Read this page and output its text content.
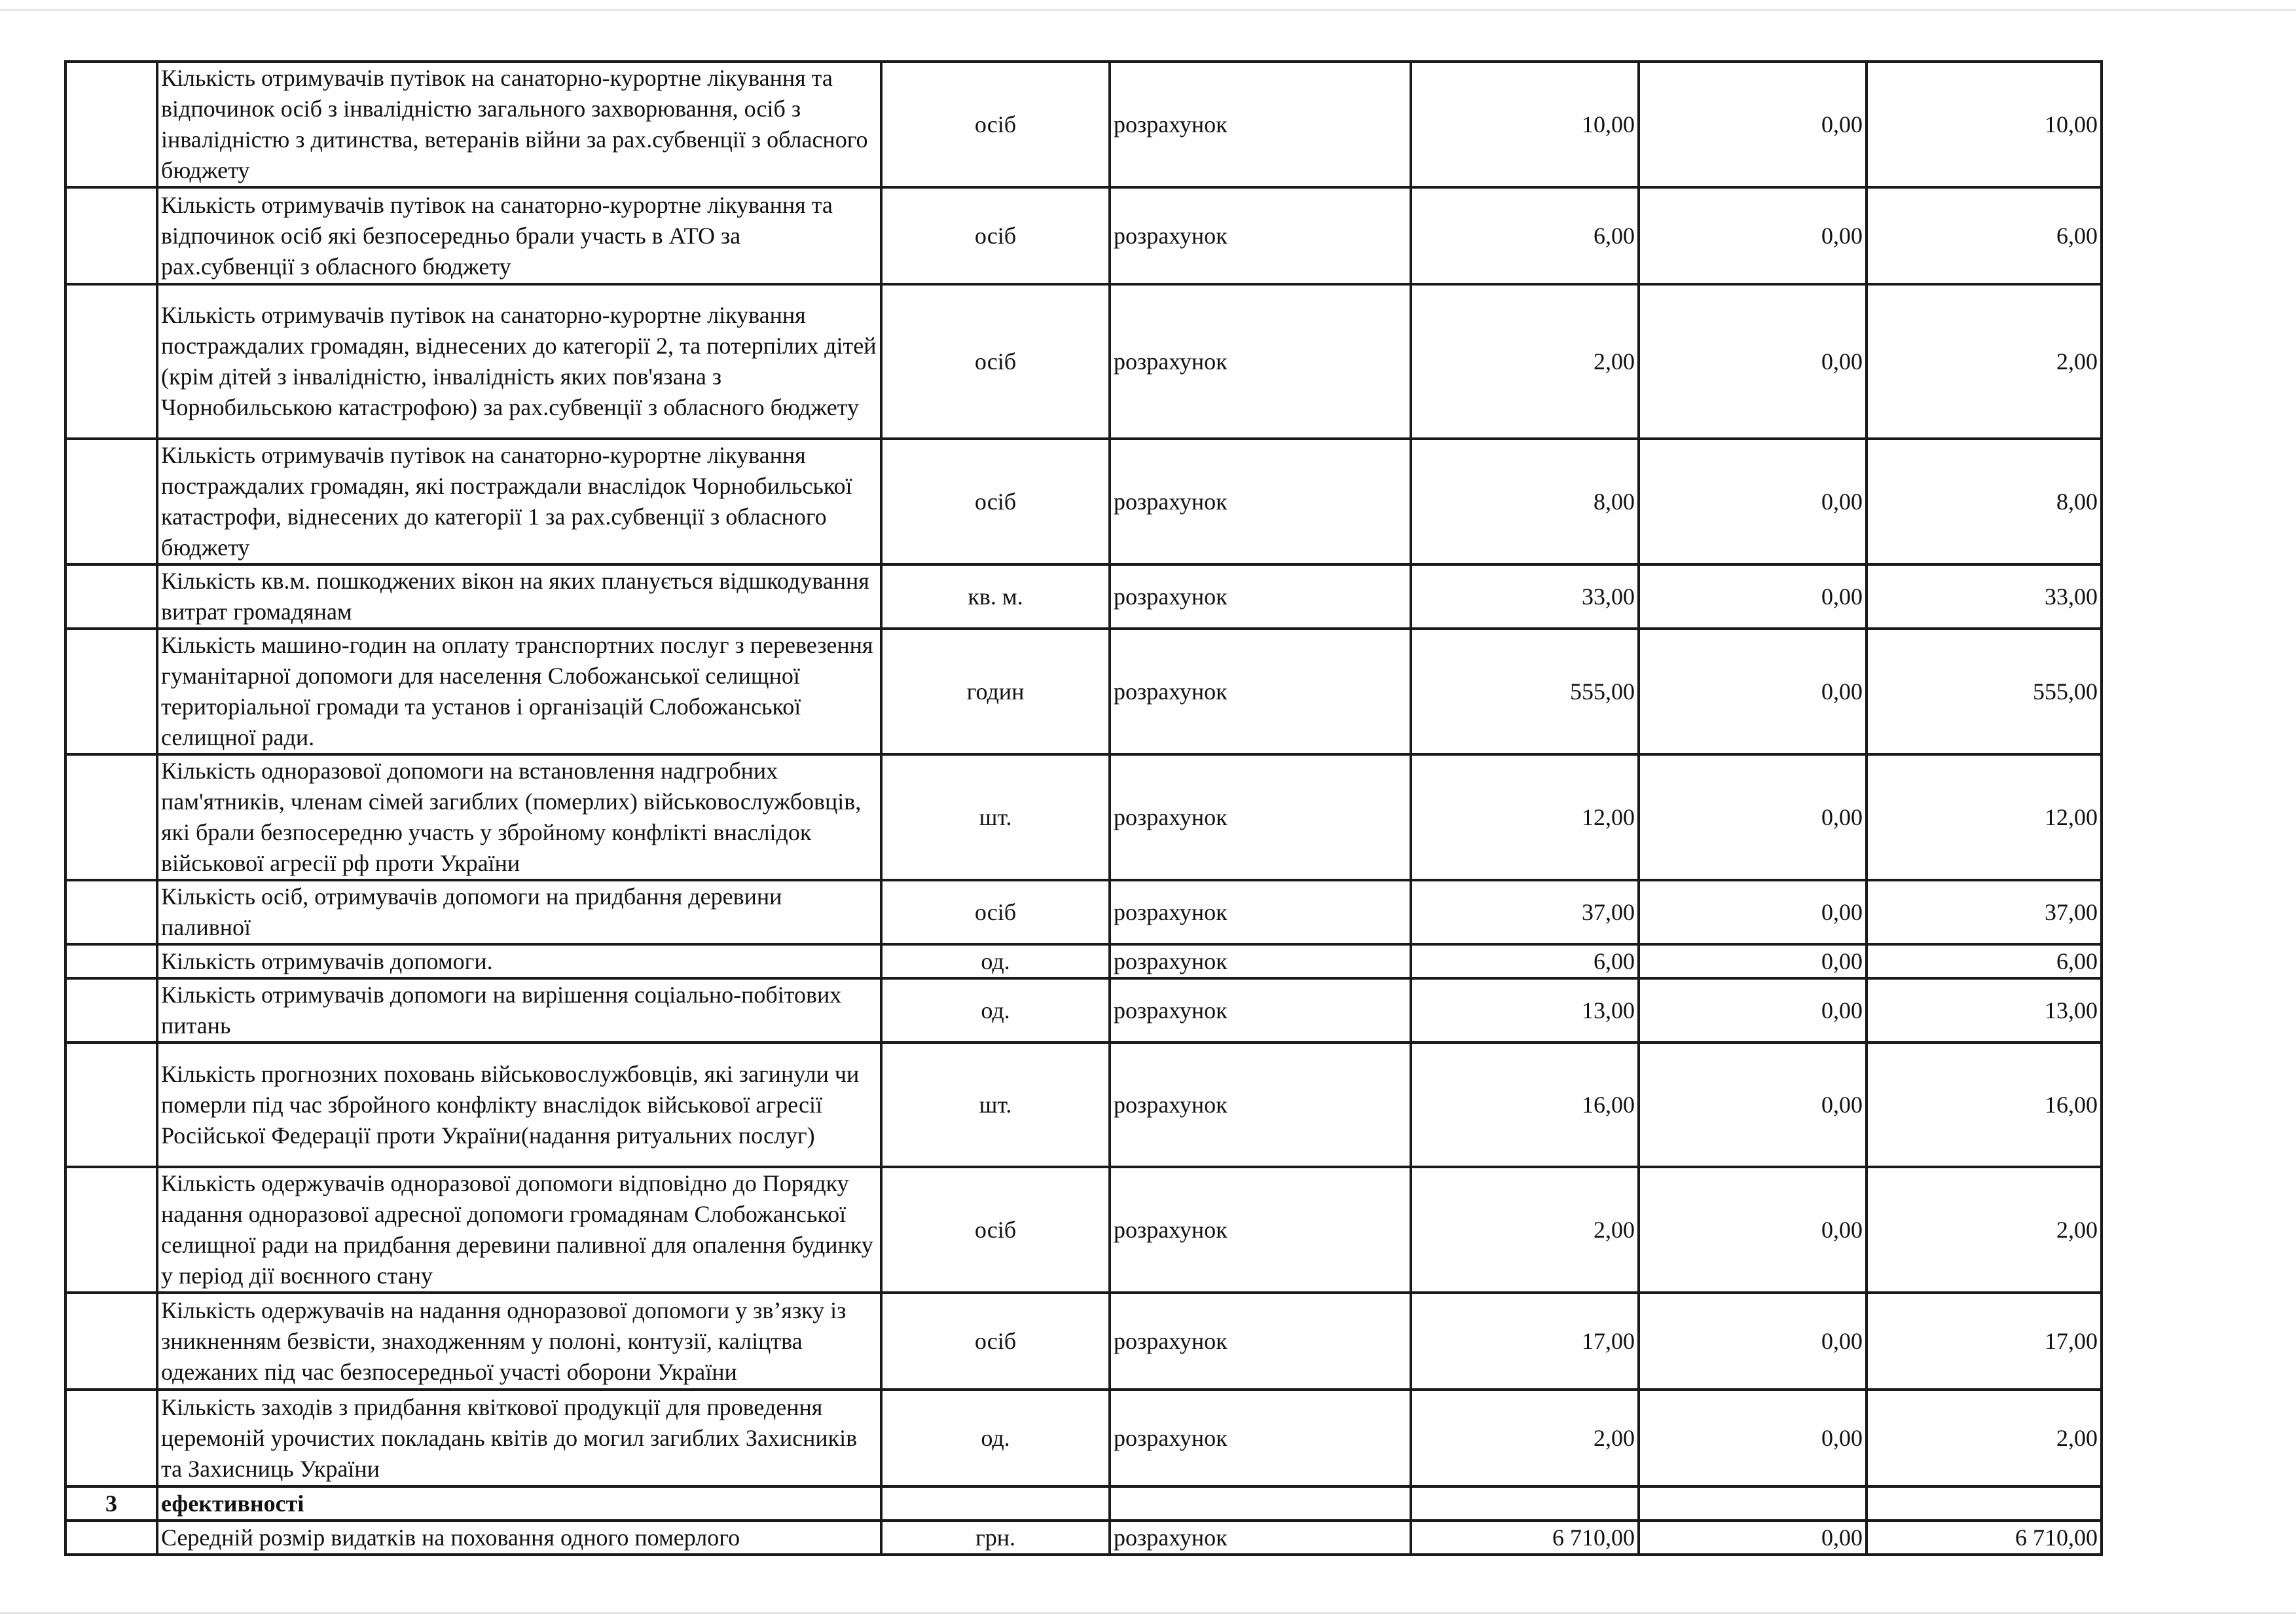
	Кількість отримувачів путівок на санаторно-курортне лікування та відпочинок осіб з інвалідністю загального захворювання, осіб з інвалідністю з дитинства, ветеранів війни за рах.субвенції з обласного бюджету	осіб	розрахунок	10,00	0,00	10,00
	Кількість отримувачів путівок на санаторно-курортне лікування та відпочинок осіб які безпосередньо брали участь в АТО за рах.субвенції з обласного бюджету	осіб	розрахунок	6,00	0,00	6,00
	Кількість отримувачів путівок на санаторно-курортне лікування постраждалих громадян, віднесених до категорії 2, та потерпілих дітей (крім дітей з інвалідністю, інвалідність яких пов'язана з Чорнобильською катастрофою) за рах.субвенції з обласного бюджету	осіб	розрахунок	2,00	0,00	2,00
	Кількість отримувачів путівок на санаторно-курортне лікування постраждалих громадян, які постраждали внаслідок Чорнобильської катастрофи, віднесених до категорії 1 за рах.субвенції з обласного бюджету	осіб	розрахунок	8,00	0,00	8,00
	Кількість кв.м. пошкоджених вікон на яких планується відшкодування витрат громадянам	кв. м.	розрахунок	33,00	0,00	33,00
	Кількість машино-годин на оплату транспортних послуг з перевезення гуманітарної допомоги для населення Слобожанської селищної територіальної громади та установ і організацій Слобожанської селищної ради.	годин	розрахунок	555,00	0,00	555,00
	Кількість одноразової допомоги на встановлення надгробних пам'ятників, членам сімей загиблих (померлих) військовослужбовців, які брали безпосередню участь у збройному конфлікті внаслідок військової агресії рф проти України	шт.	розрахунок	12,00	0,00	12,00
	Кількість осіб, отримувачів допомоги на придбання деревини паливної	осіб	розрахунок	37,00	0,00	37,00
	Кількість отримувачів допомоги.	од.	розрахунок	6,00	0,00	6,00
	Кількість отримувачів допомоги на вирішення соціально-побітових питань	од.	розрахунок	13,00	0,00	13,00
	Кількість прогнозних поховань військовослужбовців, які загинули чи померли під час збройного конфлікту внаслідок військової агресії Російської Федерації проти України(надання ритуальних послуг)	шт.	розрахунок	16,00	0,00	16,00
	Кількість одержувачів одноразової допомоги відповідно до Порядку надання одноразової адресної допомоги громадянам Слобожанської селищної ради на придбання деревини паливної для опалення будинку у період дії воєнного стану	осіб	розрахунок	2,00	0,00	2,00
	Кількість одержувачів на надання одноразової допомоги у зв’язку із зникненням безвісти, знаходженням у полоні, контузії, каліцтва одежаних під час безпосередньої участі оборони України	осіб	розрахунок	17,00	0,00	17,00
	Кількість заходів з придбання квіткової продукції для проведення церемоній урочистих покладань квітів до могил загиблих Захисників та Захисниць України	од.	розрахунок	2,00	0,00	2,00
3	ефективності					
	Середній розмір видатків на поховання одного померлого	грн.	розрахунок	6 710,00	0,00	6 710,00
